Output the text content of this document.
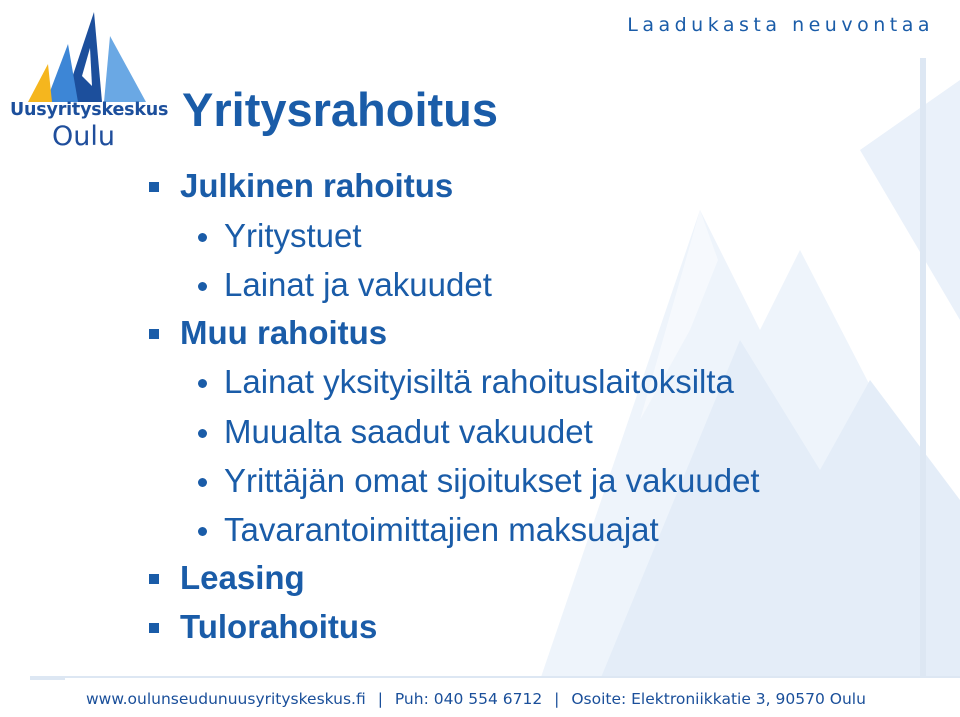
Laadukasta neuvontaa
Uusyrityskeskus
Oulu
Yritysrahoitus
Julkinen rahoitus
Yritystuet
Lainat ja vakuudet
Muu rahoitus
Lainat yksityisiltä rahoituslaitoksilta
Muualta saadut vakuudet
Yrittäjän omat sijoitukset ja vakuudet
Tavarantoimittajien maksuajat
Leasing
Tulorahoitus
www.oulunseudunuusyrityskeskus.fi | Puh: 040 554 6712 | Osoite: Elektroniikkatie 3, 90570 Oulu
